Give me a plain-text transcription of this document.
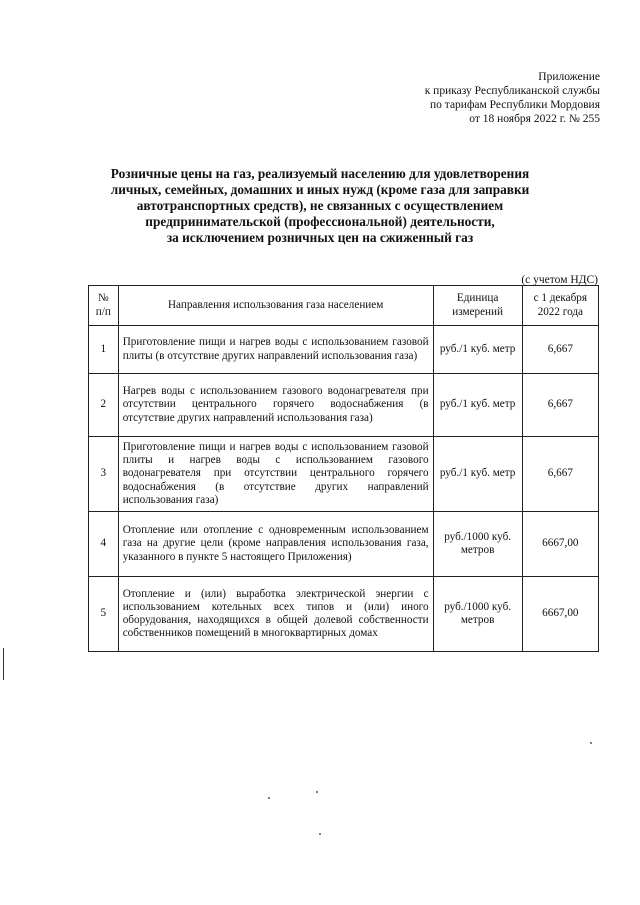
Приложение
к приказу Республиканской службы
по тарифам Республики Мордовия
от 18 ноября 2022 г. № 255
Розничные цены на газ, реализуемый населению для удовлетворения
личных, семейных, домашних и иных нужд (кроме газа для заправки
автотранспортных средств), не связанных с осуществлением
предпринимательской (профессиональной) деятельности,
за исключением розничных цен на сжиженный газ
(с учетом НДС)
№ п/п	Направления использования газа населением	Единица измерений	с 1 декабря 2022 года
1	Приготовление пищи и нагрев воды с использованием газовой плиты (в отсутствие других направлений использования газа)	руб./1 куб. метр	6,667
2	Нагрев воды с использованием газового водонагревателя при отсутствии центрального горячего водоснабжения (в отсутствие других направлений использования газа)	руб./1 куб. метр	6,667
3	Приготовление пищи и нагрев воды с использованием газовой плиты и нагрев воды с использованием газового водонагревателя при отсутствии центрального горячего водоснабжения (в отсутствие других направлений использования газа)	руб./1 куб. метр	6,667
4	Отопление или отопление с одновременным использованием газа на другие цели (кроме направления использования газа, указанного в пункте 5 настоящего Приложения)	руб./1000 куб. метров	6667,00
5	Отопление и (или) выработка электрической энергии с использованием котельных всех типов и (или) иного оборудования, находящихся в общей долевой собственности собственников помещений в многоквартирных домах	руб./1000 куб. метров	6667,00
